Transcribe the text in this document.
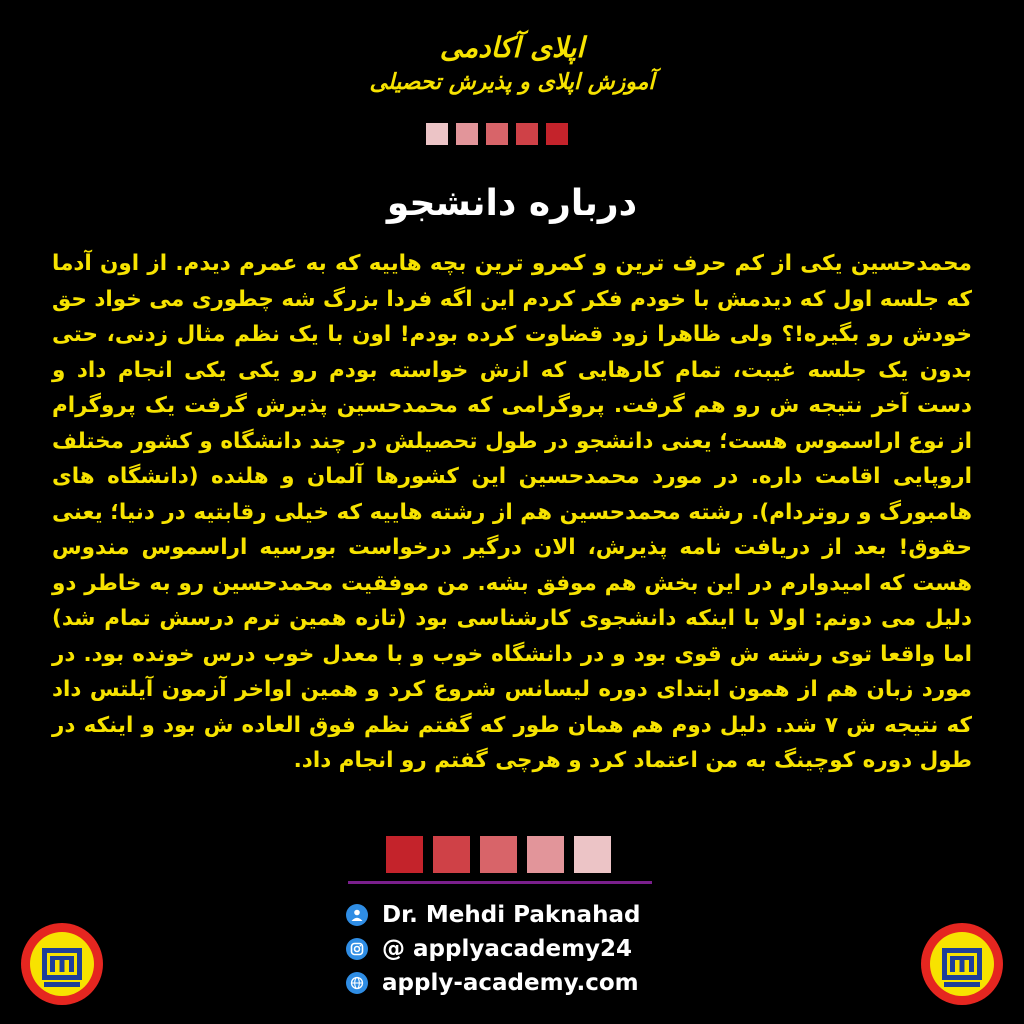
اپلای آکادمی
آموزش اپلای و پذیرش تحصیلی
درباره دانشجو

محمدحسین یکی از کم حرف ترین و کمرو ترین بچه هاییه که به عمرم دیدم. از اون آدما که جلسه اول که دیدمش با خودم فکر کردم این اگه فردا بزرگ شه چطوری می خواد حق خودش رو بگیره!؟ ولی ظاهرا زود قضاوت کرده بودم! اون با یک نظم مثال زدنی، حتی بدون یک جلسه غیبت، تمام کارهایی که ازش خواسته بودم رو یکی یکی انجام داد و دست آخر نتیجه ش رو هم گرفت. پروگرامی که محمدحسین پذیرش گرفت یک پروگرام از نوع اراسموس هست؛ یعنی دانشجو در طول تحصیلش در چند دانشگاه و کشور مختلف اروپایی اقامت داره. در مورد محمدحسین این کشورها آلمان و هلنده (دانشگاه های هامبورگ و روتردام). رشته محمدحسین هم از رشته هاییه که خیلی رقابتیه در دنیا؛ یعنی حقوق! بعد از دریافت نامه پذیرش، الان درگیر درخواست بورسیه اراسموس مندوس هست که امیدوارم در این بخش هم موفق بشه. من موفقیت محمدحسین رو به خاطر دو دلیل می دونم: اولا با اینکه دانشجوی کارشناسی بود (تازه همین ترم درسش تمام شد) اما واقعا توی رشته ش قوی بود و در دانشگاه خوب و با معدل خوب درس خونده بود. در مورد زبان هم از همون ابتدای دوره لیسانس شروع کرد و همین اواخر آزمون آیلتس داد که نتیجه ش ۷ شد. دلیل دوم هم همان طور که گفتم نظم فوق العاده ش بود و اینکه در طول دوره کوچینگ به من اعتماد کرد و هرچی گفتم رو انجام داد.

Dr. Mehdi Paknahad
@ applyacademy24
apply-academy.com
